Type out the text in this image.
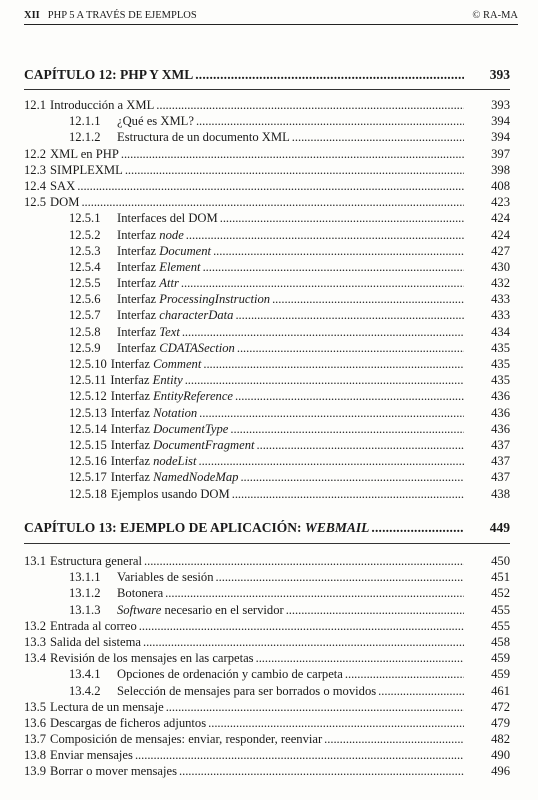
XII PHP 5 A TRAVÉS DE EJEMPLOS	© RA-MA
CAPÍTULO 12: PHP Y XML . . .	393
12.1 Introducción a XML . . .	393
12.1.1 ¿Qué es XML? . . .	394
12.1.2 Estructura de un documento XML . . .	394
12.2 XML en PHP . . .	397
12.3 SIMPLEXML . . .	398
12.4 SAX . . .	408
12.5 DOM . . .	423
12.5.1 Interfaces del DOM . . .	424
12.5.2 Interfaz node . . .	424
12.5.3 Interfaz Document . . .	427
12.5.4 Interfaz Element . . .	430
12.5.5 Interfaz Attr . . .	432
12.5.6 Interfaz ProcessingInstruction . . .	433
12.5.7 Interfaz characterData . . .	433
12.5.8 Interfaz Text . . .	434
12.5.9 Interfaz CDATASection . . .	435
12.5.10 Interfaz Comment . . .	435
12.5.11 Interfaz Entity . . .	435
12.5.12 Interfaz EntityReference . . .	436
12.5.13 Interfaz Notation . . .	436
12.5.14 Interfaz DocumentType . . .	436
12.5.15 Interfaz DocumentFragment . . .	437
12.5.16 Interfaz nodeList . . .	437
12.5.17 Interfaz NamedNodeMap . . .	437
12.5.18 Ejemplos usando DOM . . .	438
CAPÍTULO 13: EJEMPLO DE APLICACIÓN: WEBMAIL . . .	449
13.1 Estructura general . . .	450
13.1.1 Variables de sesión . . .	451
13.1.2 Botonera . . .	452
13.1.3 Software necesario en el servidor . . .	455
13.2 Entrada al correo . . .	455
13.3 Salida del sistema . . .	458
13.4 Revisión de los mensajes en las carpetas . . .	459
13.4.1 Opciones de ordenación y cambio de carpeta . . .	459
13.4.2 Selección de mensajes para ser borrados o movidos . . .	461
13.5 Lectura de un mensaje . . .	472
13.6 Descargas de ficheros adjuntos . . .	479
13.7 Composición de mensajes: enviar, responder, reenviar . . .	482
13.8 Enviar mensajes . . .	490
13.9 Borrar o mover mensajes . . .	496
